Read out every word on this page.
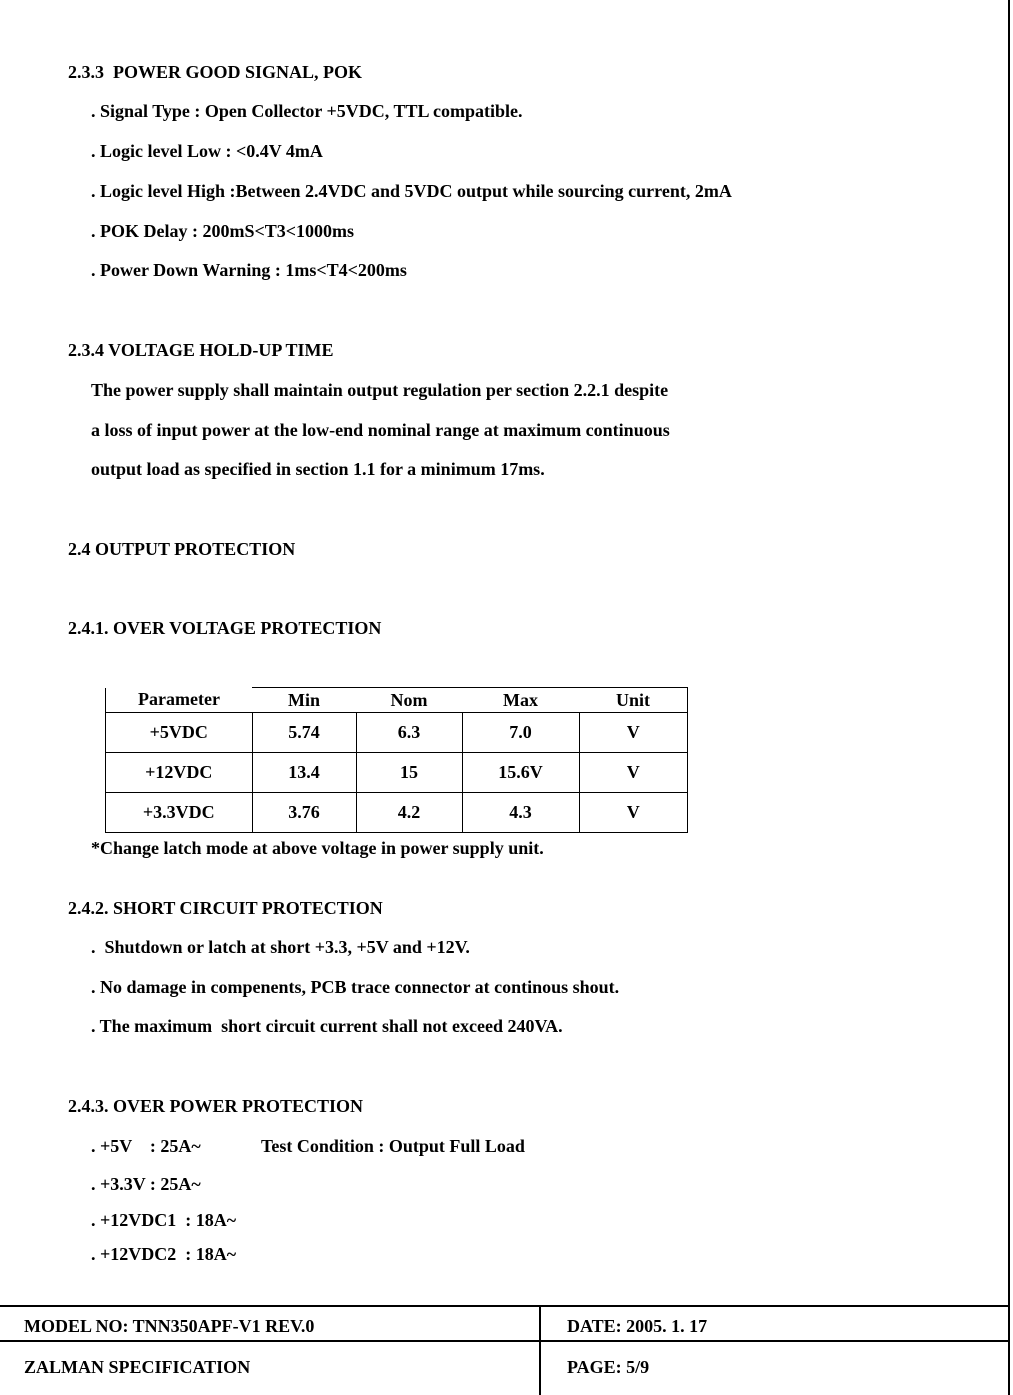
2.3.3  POWER GOOD SIGNAL, POK
. Signal Type : Open Collector +5VDC, TTL compatible.
. Logic level Low : <0.4V 4mA
. Logic level High :Between 2.4VDC and 5VDC output while sourcing current, 2mA
. POK Delay : 200mS<T3<1000ms
. Power Down Warning : 1ms<T4<200ms
2.3.4 VOLTAGE HOLD-UP TIME
The power supply shall maintain output regulation per section 2.2.1 despite
a loss of input power at the low-end nominal range at maximum continuous
output load as specified in section 1.1 for a minimum 17ms.
2.4 OUTPUT PROTECTION
2.4.1. OVER VOLTAGE PROTECTION
Parameter	Min	Nom	Max	Unit
+5VDC	5.74	6.3	7.0	V
+12VDC	13.4	15	15.6V	V
+3.3VDC	3.76	4.2	4.3	V
*Change latch mode at above voltage in power supply unit.
2.4.2. SHORT CIRCUIT PROTECTION
.  Shutdown or latch at short +3.3, +5V and +12V.
. No damage in compenents, PCB trace connector at continous shout.
. The maximum  short circuit current shall not exceed 240VA.
2.4.3. OVER POWER PROTECTION
. +5V    : 25A~	Test Condition : Output Full Load
. +3.3V : 25A~
. +12VDC1  : 18A~
. +12VDC2  : 18A~
MODEL NO: TNN350APF-V1 REV.0	DATE: 2005. 1. 17
ZALMAN SPECIFICATION	PAGE: 5/9
